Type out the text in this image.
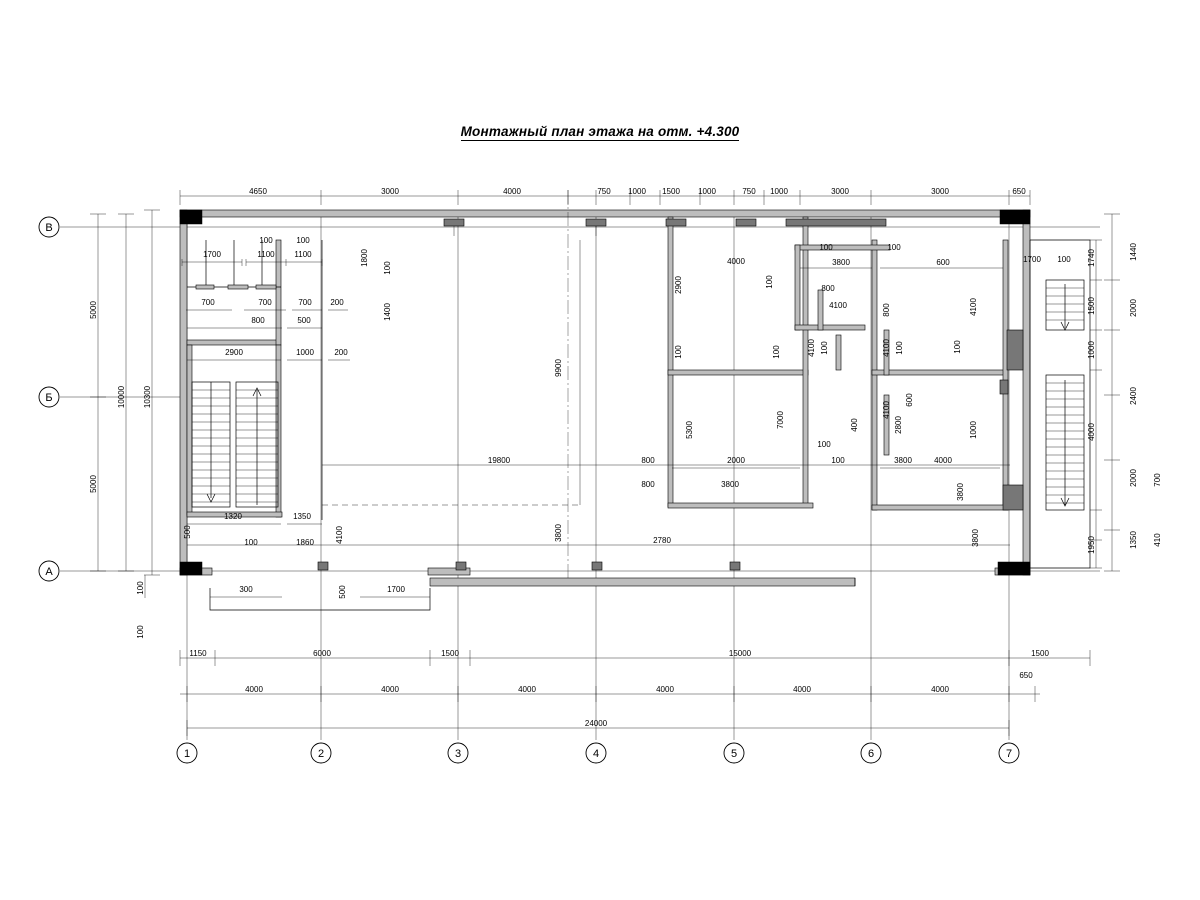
Монтажный план этажа на отм. +4.300
1	2	3	4	5	6	7
А
Б
В
4650	3000	4000	750 1000 1500 1000	750 1000	3000	3000	650
1150	6000	1500	15000	1500
4000	4000	4000	4000	4000	4000
650
24000
5000
5000
10000 10300
100
100
1440
2000
2400
2000 700
1740
1500
1000
4000
1350 410
1950
1700 100
1700
100
1100
100
1100	1800
100
700	700	700 200
1400
800	500
200
2900	1000
1320	1350
4100
100	1860
500
300	500	1700
9900
19800
2780
3800
2900
100
5300
4000
2000
800
800	3800
100
7000
100
100	100
3800	600
800
4100
4100 100
800
4100 100
4100
2800
600
400
100
100	3800	4000
4100
1000
100
3800
3800
